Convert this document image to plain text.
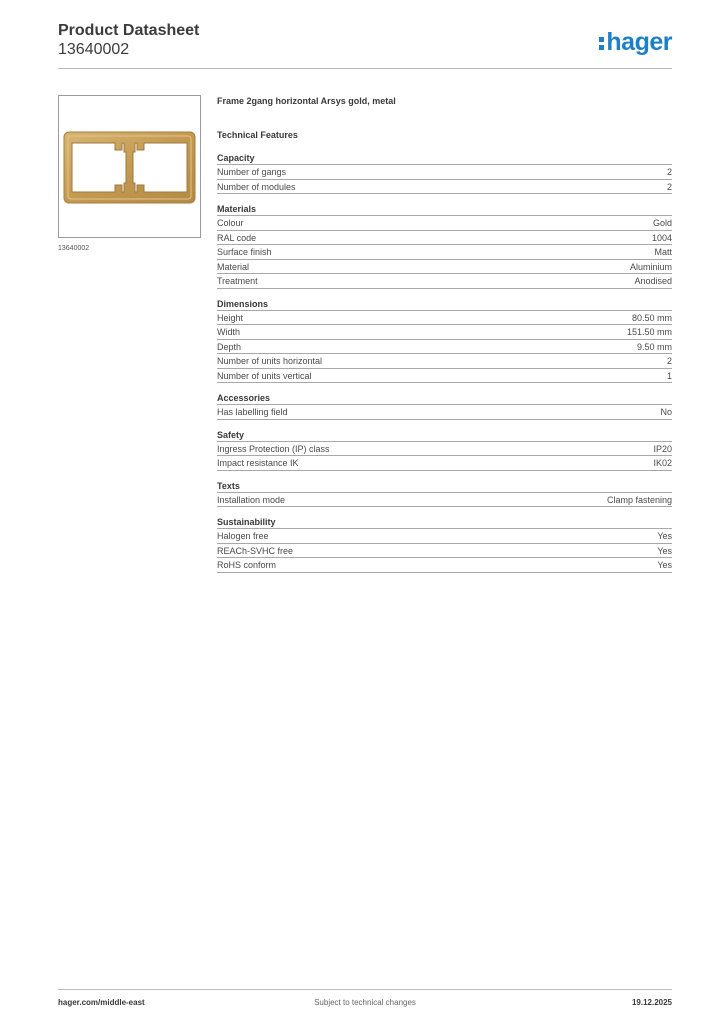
Product Datasheet
13640002	hager
13640002
Frame 2gang horizontal Arsys gold, metal
Technical Features
Capacity
Number of gangs	2
Number of modules	2
Materials
Colour	Gold
RAL code	1004
Surface finish	Matt
Material	Aluminium
Treatment	Anodised
Dimensions
Height	80.50 mm
Width	151.50 mm
Depth	9.50 mm
Number of units horizontal	2
Number of units vertical	1
Accessories
Has labelling field	No
Safety
Ingress Protection (IP) class	IP20
Impact resistance IK	IK02
Texts
Installation mode	Clamp fastening
Sustainability
Halogen free	Yes
REACh-SVHC free	Yes
RoHS conform	Yes
hager.com/middle-east	Subject to technical changes	19.12.2025
